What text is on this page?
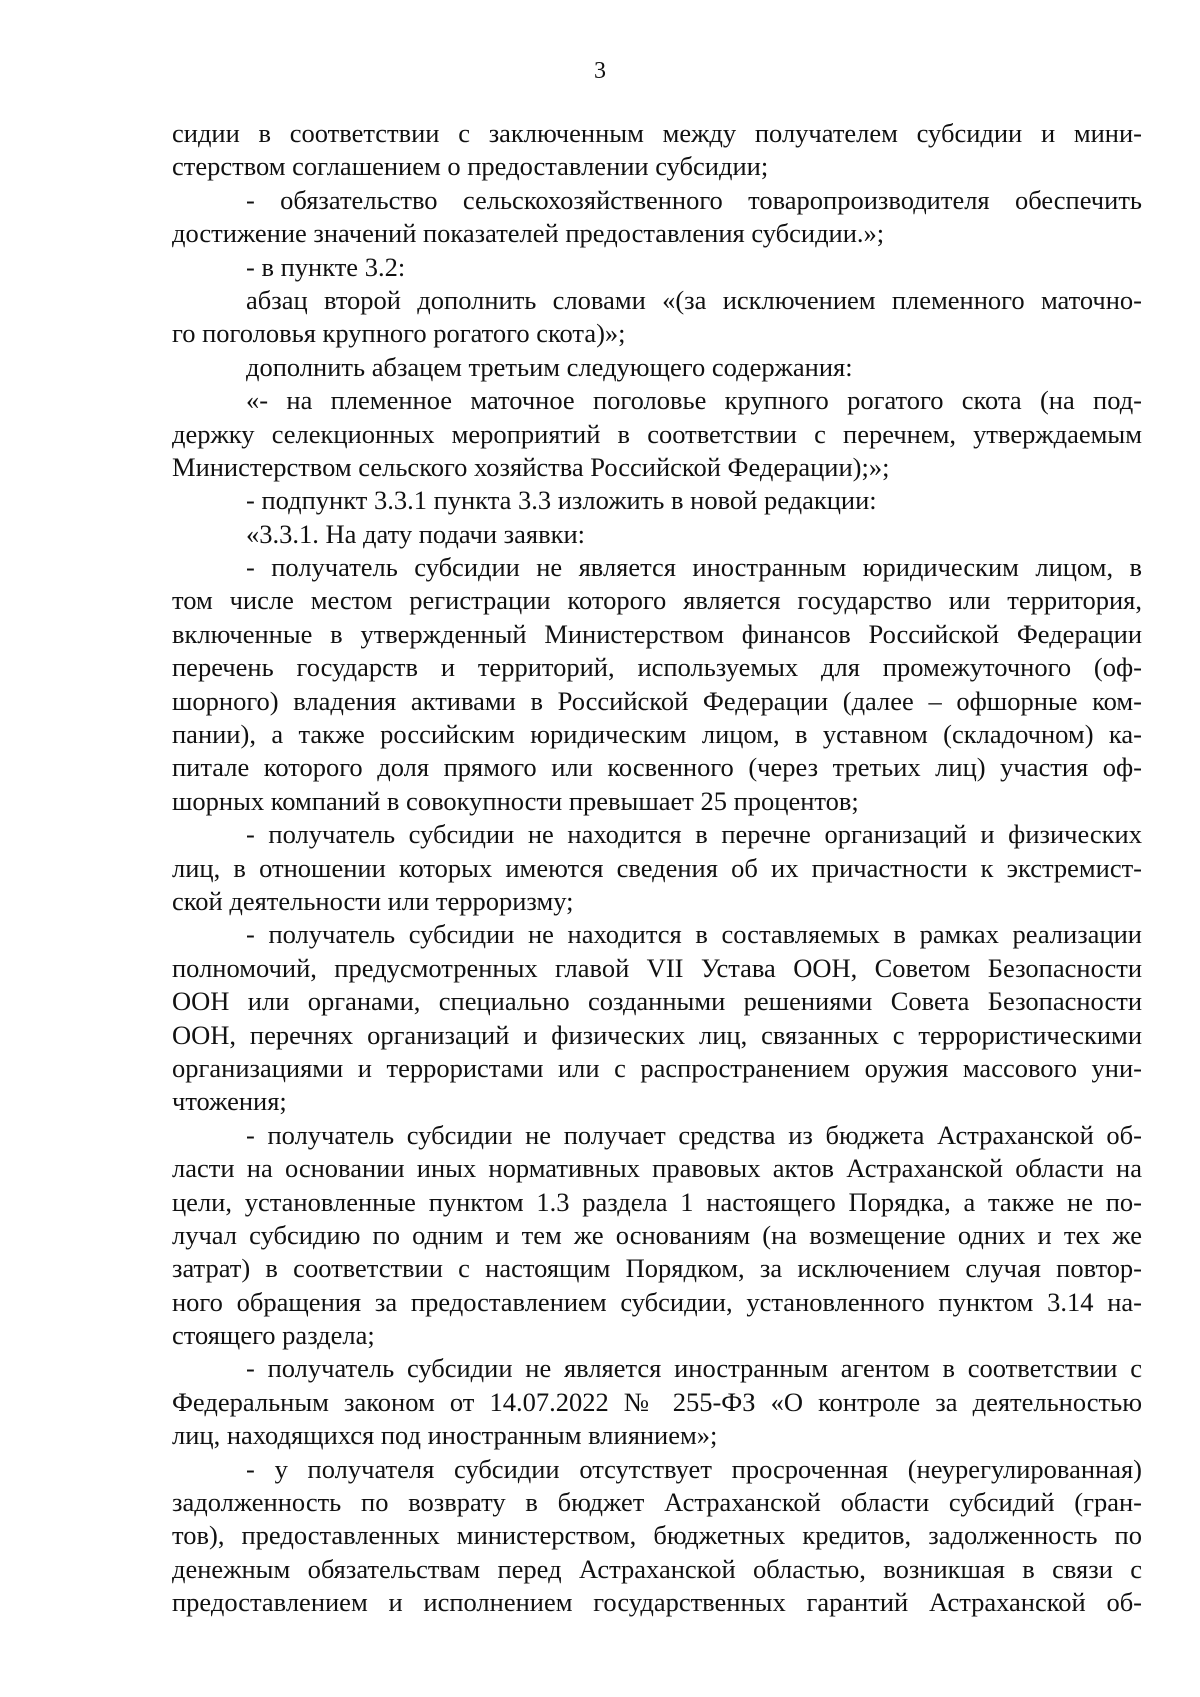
3
сидии в соответствии с заключенным между получателем субсидии и мини-
стерством соглашением о предоставлении субсидии;
- обязательство сельскохозяйственного товаропроизводителя обеспечить
достижение значений показателей предоставления субсидии.»;
- в пункте 3.2:
абзац второй дополнить словами «(за исключением племенного маточно-
го поголовья крупного рогатого скота)»;
дополнить абзацем третьим следующего содержания:
«- на племенное маточное поголовье крупного рогатого скота (на под-
держку селекционных мероприятий в соответствии с перечнем, утверждаемым
Министерством сельского хозяйства Российской Федерации);»;
- подпункт 3.3.1 пункта 3.3 изложить в новой редакции:
«3.3.1. На дату подачи заявки:
- получатель субсидии не является иностранным юридическим лицом, в
том числе местом регистрации которого является государство или территория,
включенные в утвержденный Министерством финансов Российской Федерации
перечень государств и территорий, используемых для промежуточного (оф-
шорного) владения активами в Российской Федерации (далее – офшорные ком-
пании), а также российским юридическим лицом, в уставном (складочном) ка-
питале которого доля прямого или косвенного (через третьих лиц) участия оф-
шорных компаний в совокупности превышает 25 процентов;
- получатель субсидии не находится в перечне организаций и физических
лиц, в отношении которых имеются сведения об их причастности к экстремист-
ской деятельности или терроризму;
- получатель субсидии не находится в составляемых в рамках реализации
полномочий, предусмотренных главой VII Устава ООН, Советом Безопасности
ООН или органами, специально созданными решениями Совета Безопасности
ООН, перечнях организаций и физических лиц, связанных с террористическими
организациями и террористами или с распространением оружия массового уни-
чтожения;
- получатель субсидии не получает средства из бюджета Астраханской об-
ласти на основании иных нормативных правовых актов Астраханской области на
цели, установленные пунктом 1.3 раздела 1 настоящего Порядка, а также не по-
лучал субсидию по одним и тем же основаниям (на возмещение одних и тех же
затрат) в соответствии с настоящим Порядком, за исключением случая повтор-
ного обращения за предоставлением субсидии, установленного пунктом 3.14 на-
стоящего раздела;
- получатель субсидии не является иностранным агентом в соответствии с
Федеральным законом от 14.07.2022 № 255-ФЗ «О контроле за деятельностью
лиц, находящихся под иностранным влиянием»;
- у получателя субсидии отсутствует просроченная (неурегулированная)
задолженность по возврату в бюджет Астраханской области субсидий (гран-
тов), предоставленных министерством, бюджетных кредитов, задолженность по
денежным обязательствам перед Астраханской областью, возникшая в связи с
предоставлением и исполнением государственных гарантий Астраханской об-
